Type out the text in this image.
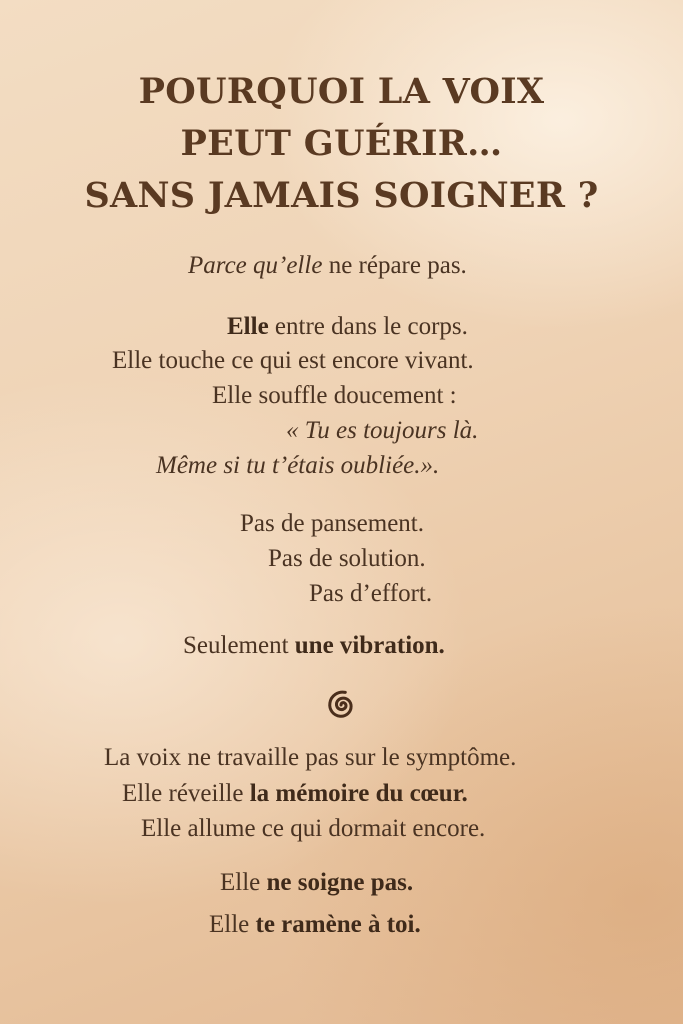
POURQUOI LA VOIX
PEUT GUÉRIR…
SANS JAMAIS SOIGNER ?
Parce qu’elle ne répare pas.
Elle entre dans le corps.
Elle touche ce qui est encore vivant.
Elle souffle doucement :
« Tu es toujours là.
Même si tu t’étais oubliée.».
Pas de pansement.
Pas de solution.
Pas d’effort.
Seulement une vibration.
La voix ne travaille pas sur le symptôme.
Elle réveille la mémoire du cœur.
Elle allume ce qui dormait encore.
Elle ne soigne pas.
Elle te ramène à toi.
